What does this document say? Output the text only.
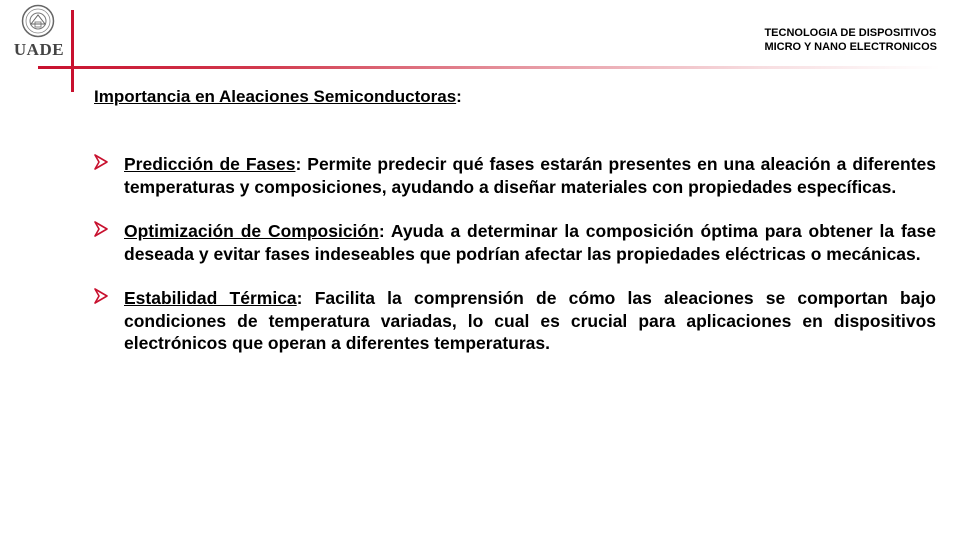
UADE
TECNOLOGIA DE DISPOSITIVOS
MICRO Y NANO ELECTRONICOS
Importancia en Aleaciones Semiconductoras:
Predicción de Fases: Permite predecir qué fases estarán presentes en una aleación a diferentes temperaturas y composiciones, ayudando a diseñar materiales con propiedades específicas.
Optimización de Composición: Ayuda a determinar la composición óptima para obtener la fase deseada y evitar fases indeseables que podrían afectar las propiedades eléctricas o mecánicas.
Estabilidad Térmica: Facilita la comprensión de cómo las aleaciones se comportan bajo condiciones de temperatura variadas, lo cual es crucial para aplicaciones en dispositivos electrónicos que operan a diferentes temperaturas.
